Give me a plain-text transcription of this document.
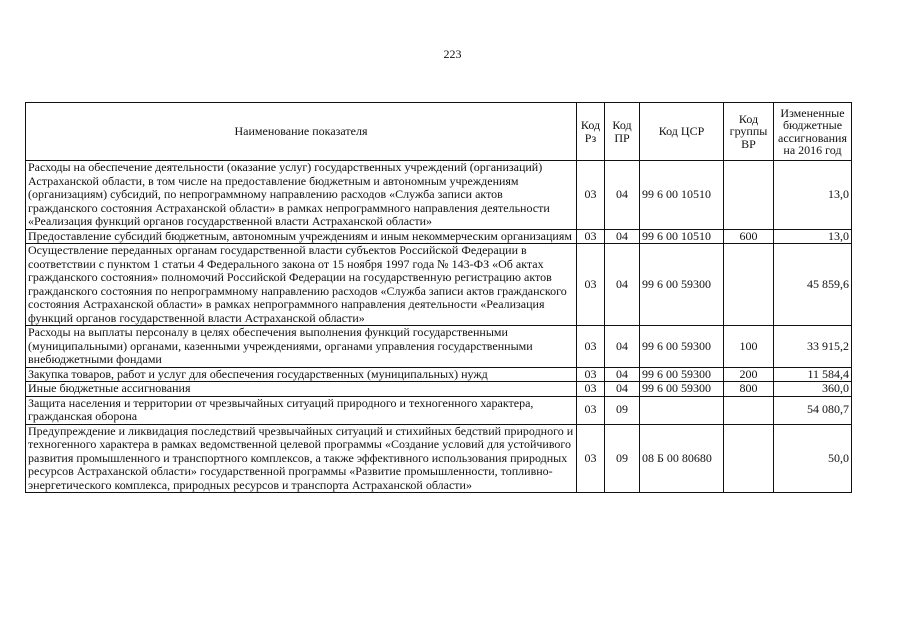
223
Наименование показателя	Код Рз	Код ПР	Код ЦСР	Код группы ВР	Измененные бюджетные ассигнования на 2016 год
Расходы на обеспечение деятельности (оказание услуг) государственных учреждений (организаций) Астраханской области, в том числе на предоставление бюджетным и автономным учреждениям (организациям) субсидий, по непрограммному направлению расходов «Служба записи актов гражданского состояния Астраханской области» в рамках непрограммного направления деятельности «Реализация функций органов государственной власти Астраханской области»	03	04	99 6 00 10510		13,0
Предоставление субсидий бюджетным, автономным учреждениям и иным некоммерческим организациям	03	04	99 6 00 10510	600	13,0
Осуществление переданных органам государственной власти субъектов Российской Федерации в соответствии с пунктом 1 статьи 4 Федерального закона от 15 ноября 1997 года № 143-ФЗ «Об актах гражданского состояния» полномочий Российской Федерации на государственную регистрацию актов гражданского состояния по непрограммному направлению расходов «Служба записи актов гражданского состояния Астраханской области» в рамках непрограммного направления деятельности «Реализация функций органов государственной власти Астраханской области»	03	04	99 6 00 59300		45 859,6
Расходы на выплаты персоналу в целях обеспечения выполнения функций государственными (муниципальными) органами, казенными учреждениями, органами управления государственными внебюджетными фондами	03	04	99 6 00 59300	100	33 915,2
Закупка товаров, работ и услуг для обеспечения государственных (муниципальных) нужд	03	04	99 6 00 59300	200	11 584,4
Иные бюджетные ассигнования	03	04	99 6 00 59300	800	360,0
Защита населения и территории от чрезвычайных ситуаций природного и техногенного характера, гражданская оборона	03	09			54 080,7
Предупреждение и ликвидация последствий чрезвычайных ситуаций и стихийных бедствий природного и техногенного характера в рамках ведомственной целевой программы «Создание условий для устойчивого развития промышленного и транспортного комплексов, а также эффективного использования природных ресурсов Астраханской области» государственной программы «Развитие промышленности, топливно-энергетического комплекса, природных ресурсов и транспорта Астраханской области»	03	09	08 Б 00 80680		50,0
